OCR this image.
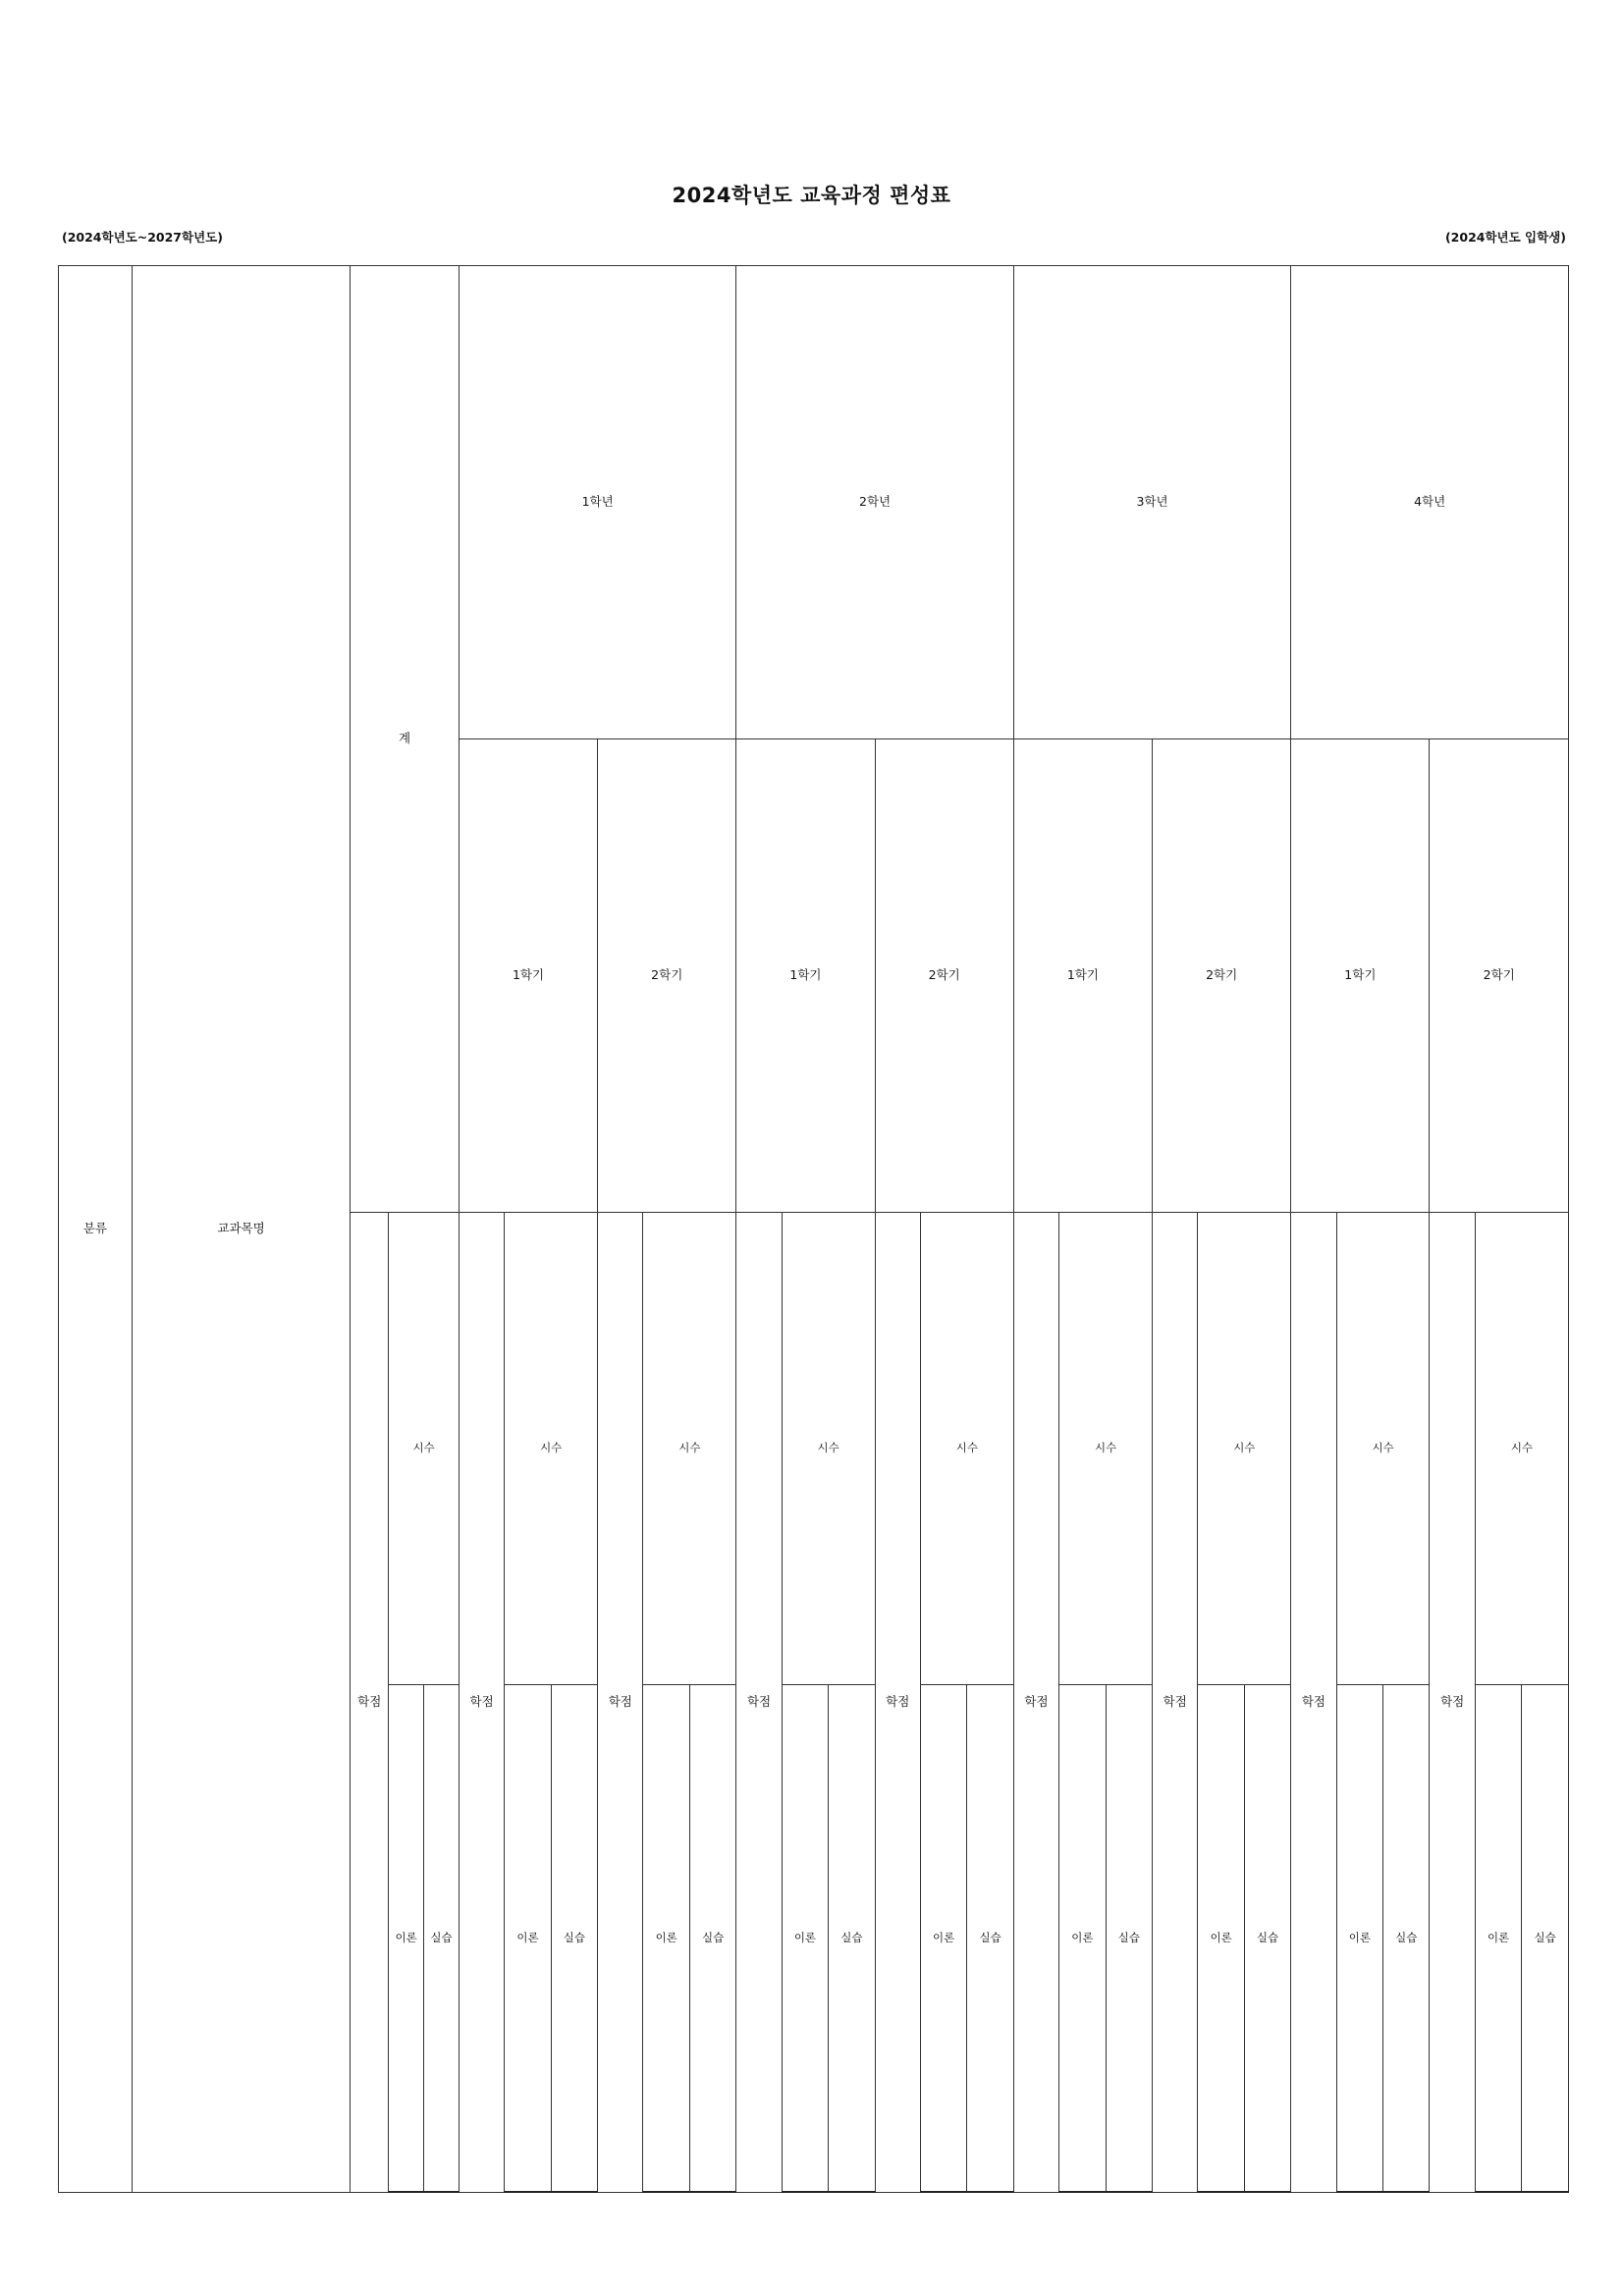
2024학년도 교육과정 편성표
(2024학년도~2027학년도)	(2024학년도 입학생)
분류	교과목명	계			1학년						2학년						3학년						4학년					
					1학기			2학기			1학기			2학기			1학기			2학기			1학기			2학기		
		학점	시수		학점	시수		학점	시수		학점	시수		학점	시수		학점	시수		학점	시수		학점	시수		학점	시수	
			이론	실습		이론	실습		이론	실습		이론	실습		이론	실습		이론	실습		이론	실습		이론	실습		이론	실습
